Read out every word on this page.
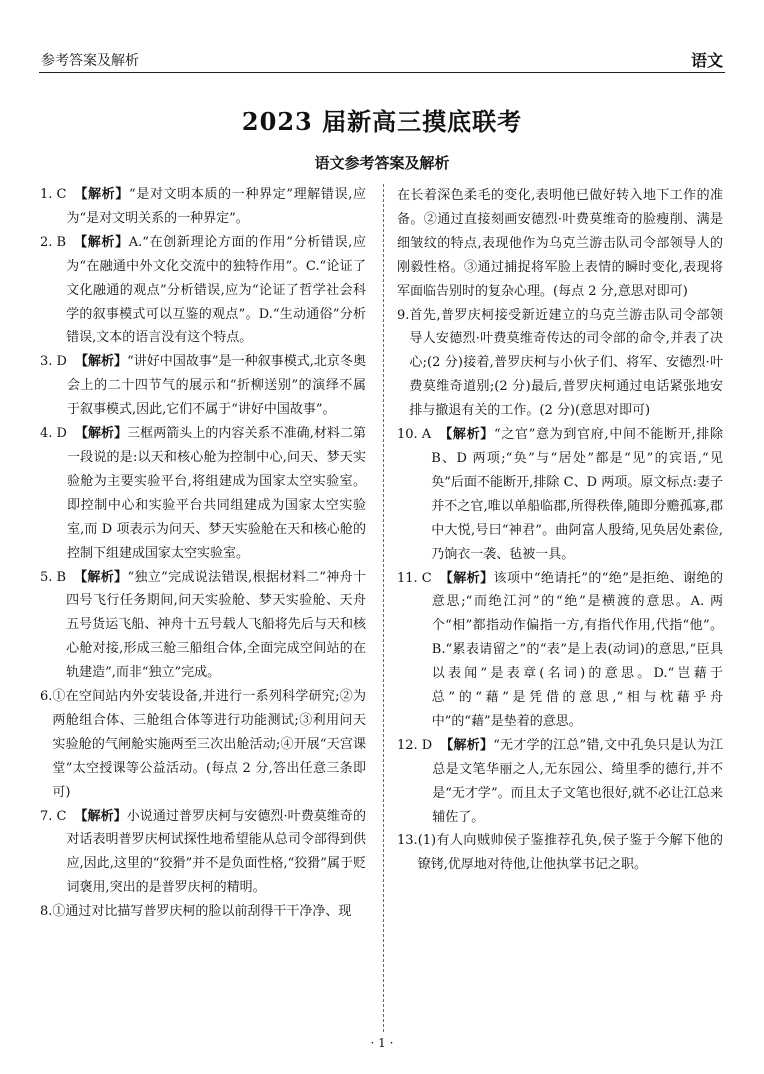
参考答案及解析	语文
2023 届新高三摸底联考
语文参考答案及解析
1. C 【解析】“是对文明本质的一种界定”理解错误,应为“是对文明关系的一种界定”。
2. B 【解析】A.“在创新理论方面的作用”分析错误,应为“在融通中外文化交流中的独特作用”。C.“论证了文化融通的观点”分析错误,应为“论证了哲学社会科学的叙事模式可以互鉴的观点”。D.“生动通俗”分析错误,文本的语言没有这个特点。
3. D 【解析】“讲好中国故事”是一种叙事模式,北京冬奥会上的二十四节气的展示和“折柳送别”的演绎不属于叙事模式,因此,它们不属于“讲好中国故事”。
4. D 【解析】三框两箭头上的内容关系不准确,材料二第一段说的是:以天和核心舱为控制中心,问天、梦天实验舱为主要实验平台,将组建成为国家太空实验室。即控制中心和实验平台共同组建成为国家太空实验室,而 D 项表示为问天、梦天实验舱在天和核心舱的控制下组建成国家太空实验室。
5. B 【解析】“独立”完成说法错误,根据材料二“神舟十四号飞行任务期间,问天实验舱、梦天实验舱、天舟五号货运飞船、神舟十五号载人飞船将先后与天和核心舱对接,形成三舱三船组合体,全面完成空间站的在轨建造”,而非“独立”完成。
6. ①在空间站内外安装设备,并进行一系列科学研究;②为两舱组合体、三舱组合体等进行功能测试;③利用问天实验舱的气闸舱实施两至三次出舱活动;④开展“天宫课堂”太空授课等公益活动。(每点 2 分,答出任意三条即可)
7. C 【解析】小说通过普罗庆柯与安德烈·叶费莫维奇的对话表明普罗庆柯试探性地希望能从总司令部得到供应,因此,这里的“狡猾”并不是负面性格,“狡猾”属于贬词褒用,突出的是普罗庆柯的精明。
8. ①通过对比描写普罗庆柯的脸以前刮得干干净净、现
在长着深色柔毛的变化,表明他已做好转入地下工作的准备。②通过直接刻画安德烈·叶费莫维奇的脸瘦削、满是细皱纹的特点,表现他作为乌克兰游击队司令部领导人的刚毅性格。③通过捕捉将军脸上表情的瞬时变化,表现将军面临告别时的复杂心理。(每点 2 分,意思对即可)
9. 首先,普罗庆柯接受新近建立的乌克兰游击队司令部领导人安德烈·叶费莫维奇传达的司令部的命令,并表了决心;(2 分)接着,普罗庆柯与小伙子们、将军、安德烈·叶费莫维奇道别;(2 分)最后,普罗庆柯通过电话紧张地安排与撤退有关的工作。(2 分)(意思对即可)
10. A 【解析】“之官”意为到官府,中间不能断开,排除 B、D 两项;“奂”与“居处”都是“见”的宾语,“见奂”后面不能断开,排除 C、D 两项。原文标点:妻子并不之官,唯以单船临郡,所得秩俸,随即分赡孤寡,郡中大悦,号曰“神君”。曲阿富人殷绮,见奂居处素俭,乃饷衣一袭、毡被一具。
11. C 【解析】该项中“绝请托”的“绝”是拒绝、谢绝的意思;“而绝江河”的“绝”是横渡的意思。A. 两个“相”都指动作偏指一方,有指代作用,代指“他”。B.“累表请留之”的“表”是上表(动词)的意思,“臣具以表闻”是表章(名词)的意思。D.“岂藉于总”的“藉”是凭借的意思,“相与枕藉乎舟中”的“藉”是垫着的意思。
12. D 【解析】“无才学的江总”错,文中孔奂只是认为江总是文笔华丽之人,无东园公、绮里季的德行,并不是“无才学”。而且太子文笔也很好,就不必让江总来辅佐了。
13. (1)有人向贼帅侯子鉴推荐孔奂,侯子鉴于今解下他的镣铐,优厚地对待他,让他执掌书记之职。
· 1 ·
